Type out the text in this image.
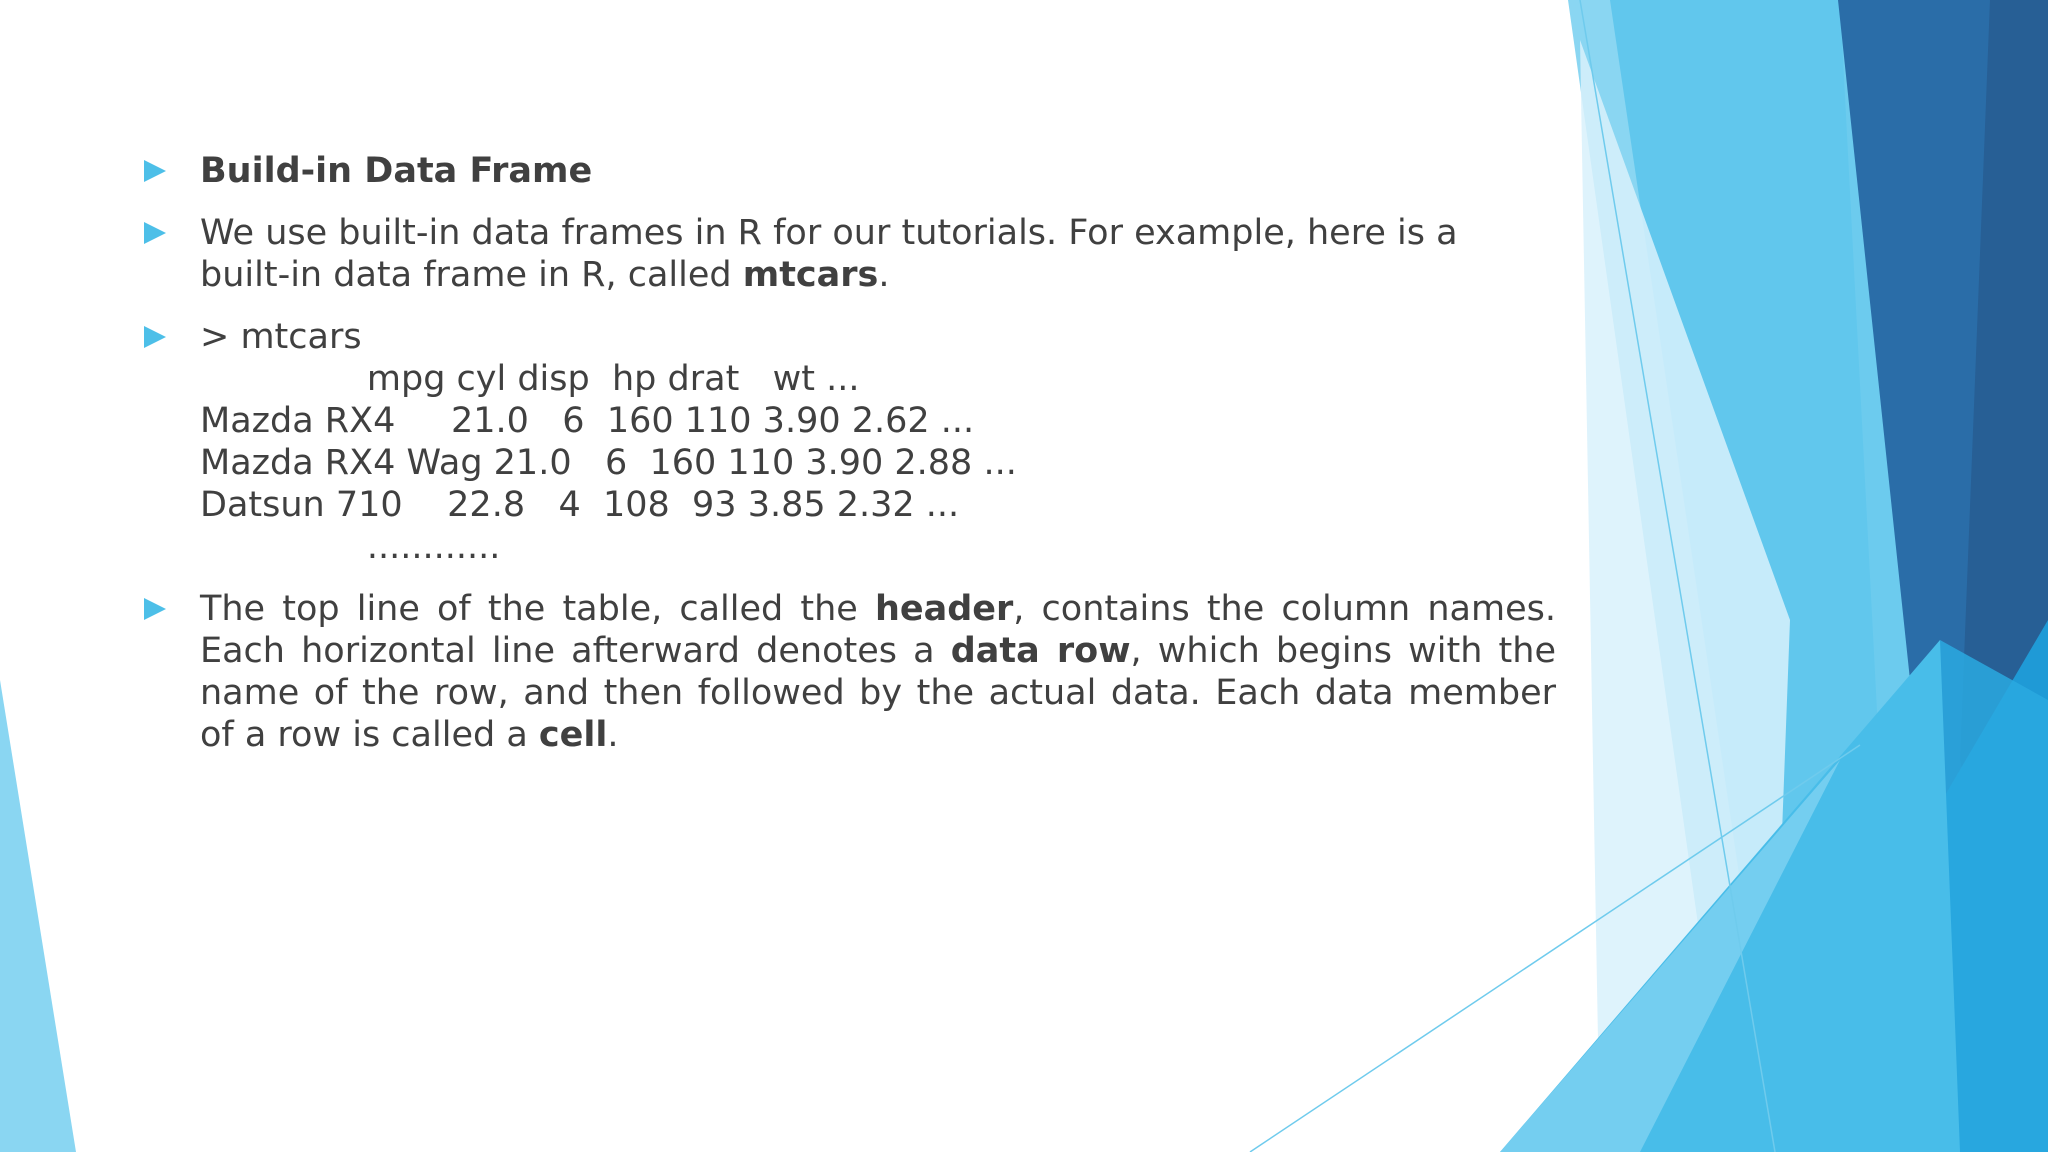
Build-in Data Frame
We use built-in data frames in R for our tutorials. For example, here is a
built-in data frame in R, called mtcars.
> mtcars
mpg cyl disp  hp drat   wt ...
Mazda RX4     21.0   6  160 110 3.90 2.62 ...
Mazda RX4 Wag 21.0   6  160 110 3.90 2.88 ...
Datsun 710    22.8   4  108  93 3.85 2.32 ...
............
The top line of the table, called the header, contains the column names. Each horizontal line afterward denotes a data row, which begins with the name of the row, and then followed by the actual data. Each data member of a row is called a cell.
